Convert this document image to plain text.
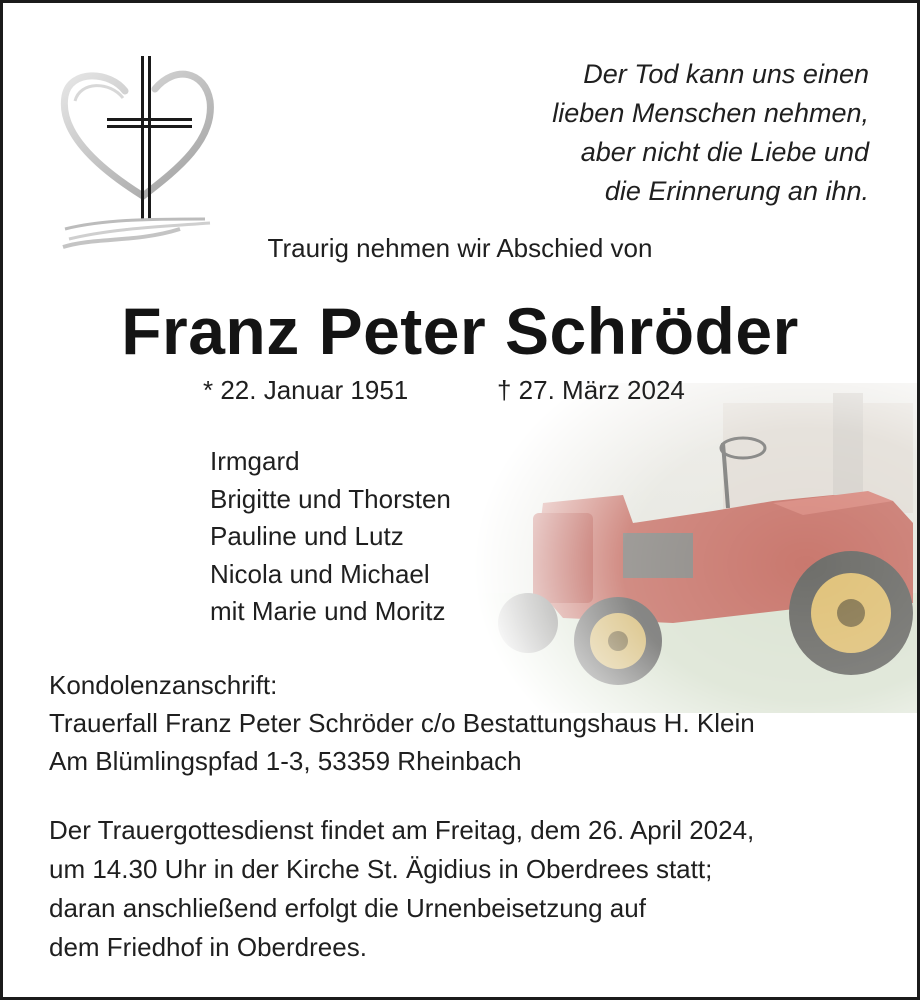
Der Tod kann uns einen
lieben Menschen nehmen,
aber nicht die Liebe und
die Erinnerung an ihn.
Traurig nehmen wir Abschied von
Franz Peter Schröder
* 22. Januar 1951	† 27. März 2024
Irmgard
Brigitte und Thorsten
Pauline und Lutz
Nicola und Michael
mit Marie und Moritz
Kondolenzanschrift:
Trauerfall Franz Peter Schröder c/o Bestattungshaus H. Klein
Am Blümlingspfad 1-3, 53359 Rheinbach
Der Trauergottesdienst findet am Freitag, dem 26. April 2024,
um 14.30 Uhr in der Kirche St. Ägidius in Oberdrees statt;
daran anschließend erfolgt die Urnenbeisetzung auf
dem Friedhof in Oberdrees.
